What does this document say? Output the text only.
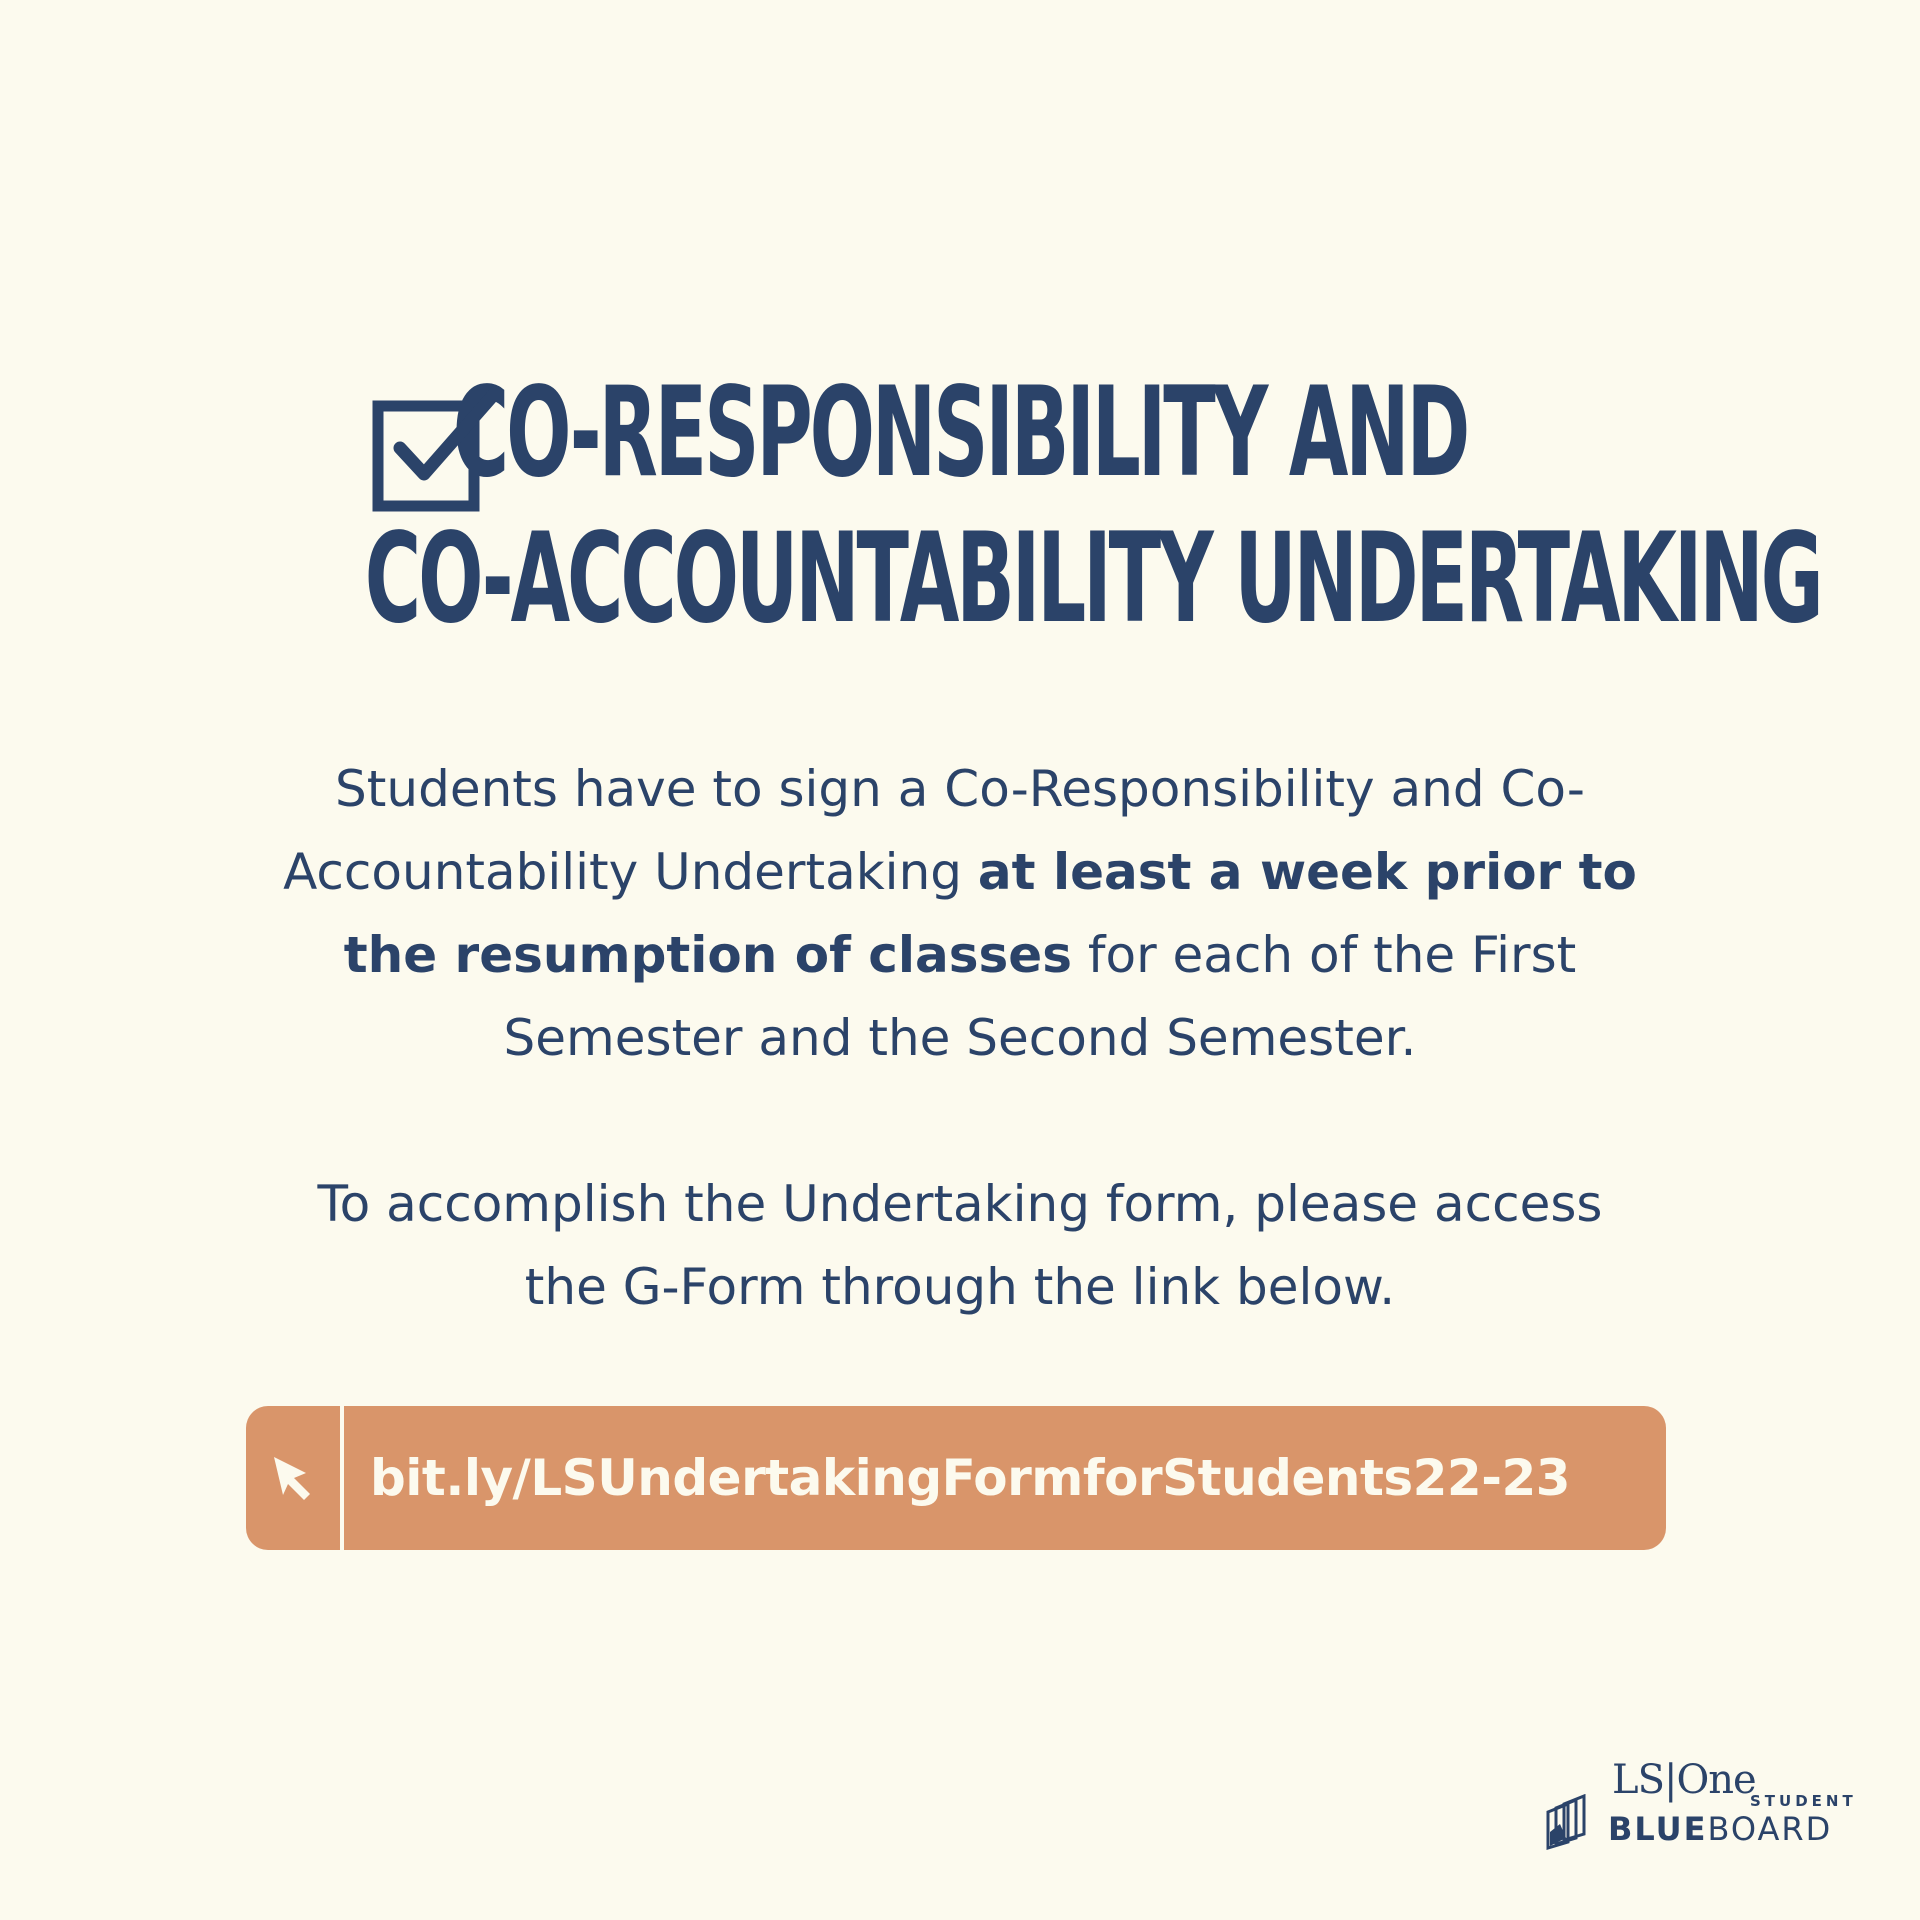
CO-RESPONSIBILITY AND
CO-ACCOUNTABILITY UNDERTAKING

Students have to sign a Co-Responsibility and Co-Accountability Undertaking at least a week prior to the resumption of classes for each of the First Semester and the Second Semester.

To accomplish the Undertaking form, please access the G-Form through the link below.

bit.ly/LSUndertakingFormforStudents22-23
LS|One
STUDENT
BLUEBOARD
